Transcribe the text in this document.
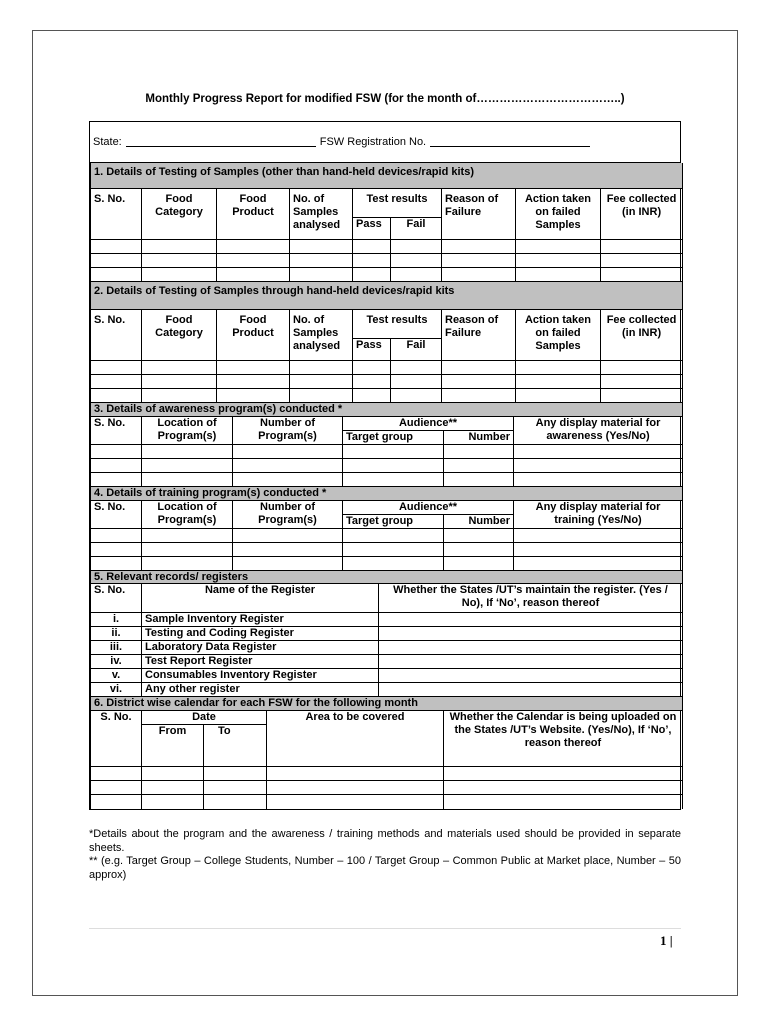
Monthly Progress Report for modified FSW (for the month of………………………………..)
State:	FSW Registration No.
1. Details of Testing of Samples (other than hand-held devices/rapid kits)								
S. No.	Food Category	Food Product	No. of Samples analysed	Test results		Reason of Failure	Action taken on failed Samples	Fee collected (in INR)
				Pass	Fail			

2. Details of Testing of Samples through hand-held devices/rapid kits								
S. No.	Food Category	Food Product	No. of Samples analysed	Test results		Reason of Failure	Action taken on failed Samples	Fee collected (in INR)
				Pass	Fail			

3. Details of awareness program(s) conducted *					
S. No.	Location of Program(s)	Number of Program(s)	Audience**		Any display material for awareness (Yes/No)
			Target group	Number	

4. Details of training program(s) conducted *					
S. No.	Location of Program(s)	Number of Program(s)	Audience**		Any display material for training (Yes/No)
			Target group	Number	

5. Relevant records/ registers		
S. No.	Name of the Register	Whether the States /UT’s maintain the register. (Yes / No), If ‘No’, reason thereof
i.	Sample Inventory Register	
ii.	Testing and Coding Register	
iii.	Laboratory Data Register	
iv.	Test Report Register	
v.	Consumables Inventory Register	
vi.	Any other register	
6. District wise calendar for each FSW for the following month				
S. No.	Date		Area to be covered	Whether the Calendar is being uploaded on the States /UT’s Website. (Yes/No), If ‘No’, reason thereof
	From	To		

*Details about the program and the awareness / training methods and materials used should be provided in separate sheets.
** (e.g. Target Group – College Students, Number – 100 / Target Group – Common Public at Market place, Number – 50 approx)
1 |
